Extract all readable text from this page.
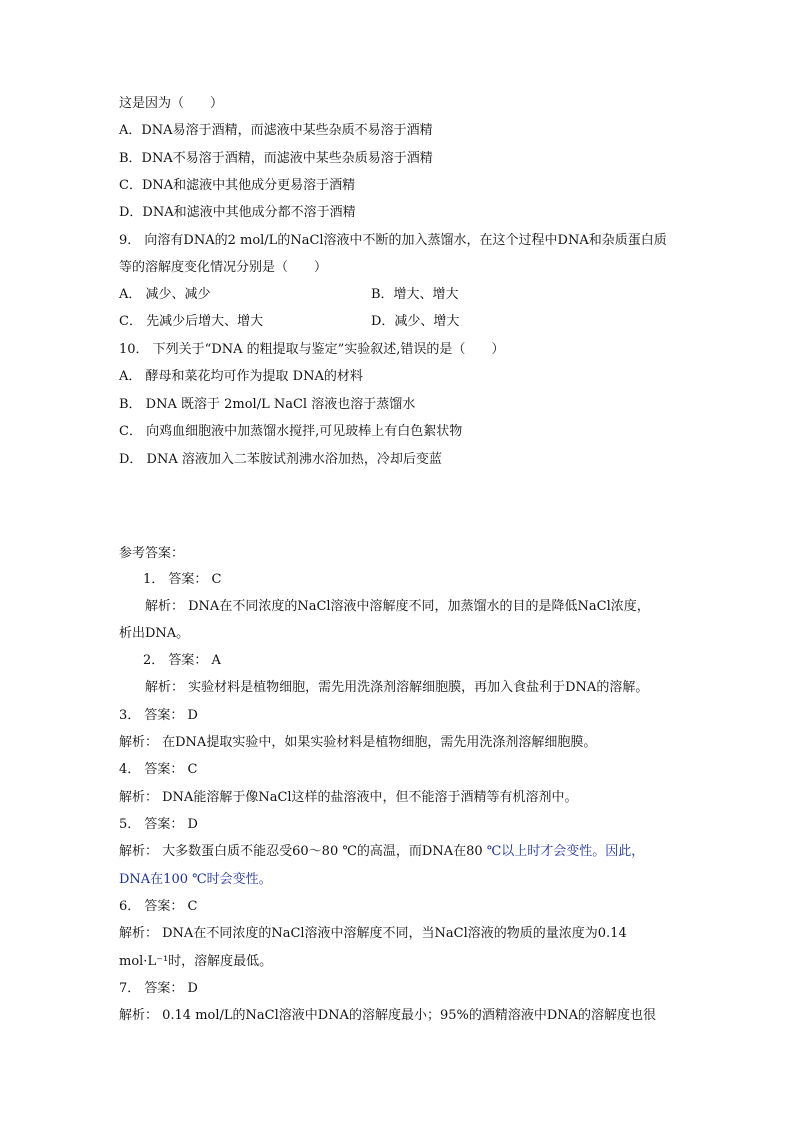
这是因为（　　）
A．DNA易溶于酒精，而滤液中某些杂质不易溶于酒精
B．DNA不易溶于酒精，而滤液中某些杂质易溶于酒精
C．DNA和滤液中其他成分更易溶于酒精
D．DNA和滤液中其他成分都不溶于酒精
9． 向溶有DNA的2 mol/L的NaCl溶液中不断的加入蒸馏水，在这个过程中DNA和杂质蛋白质
等的溶解度变化情况分别是（　　）
A． 减少、减少	B．增大、增大
C． 先减少后增大、增大	D．减少、增大
10． 下列关于“DNA 的粗提取与鉴定”实验叙述,错误的是（　　）
A． 酵母和菜花均可作为提取 DNA的材料
B． DNA 既溶于 2mol/L NaCl 溶液也溶于蒸馏水
C． 向鸡血细胞液中加蒸馏水搅拌,可见玻棒上有白色絮状物
D． DNA 溶液加入二苯胺试剂沸水浴加热，冷却后变蓝
参考答案：
1． 答案： C
解析： DNA在不同浓度的NaCl溶液中溶解度不同，加蒸馏水的目的是降低NaCl浓度，
析出DNA。
2． 答案： A
解析： 实验材料是植物细胞，需先用洗涤剂溶解细胞膜，再加入食盐利于DNA的溶解。
3． 答案： D
解析： 在DNA提取实验中，如果实验材料是植物细胞，需先用洗涤剂溶解细胞膜。
4． 答案： C
解析： DNA能溶解于像NaCl这样的盐溶液中，但不能溶于酒精等有机溶剂中。
5． 答案： D
解析： 大多数蛋白质不能忍受60～80 ℃的高温，而DNA在80 ℃以上时才会变性。因此，
DNA在100 ℃时会变性。
6． 答案： C
解析： DNA在不同浓度的NaCl溶液中溶解度不同，当NaCl溶液的物质的量浓度为0.14
mol·L⁻¹时，溶解度最低。
7． 答案： D
解析： 0.14 mol/L的NaCl溶液中DNA的溶解度最小；95%的酒精溶液中DNA的溶解度也很
